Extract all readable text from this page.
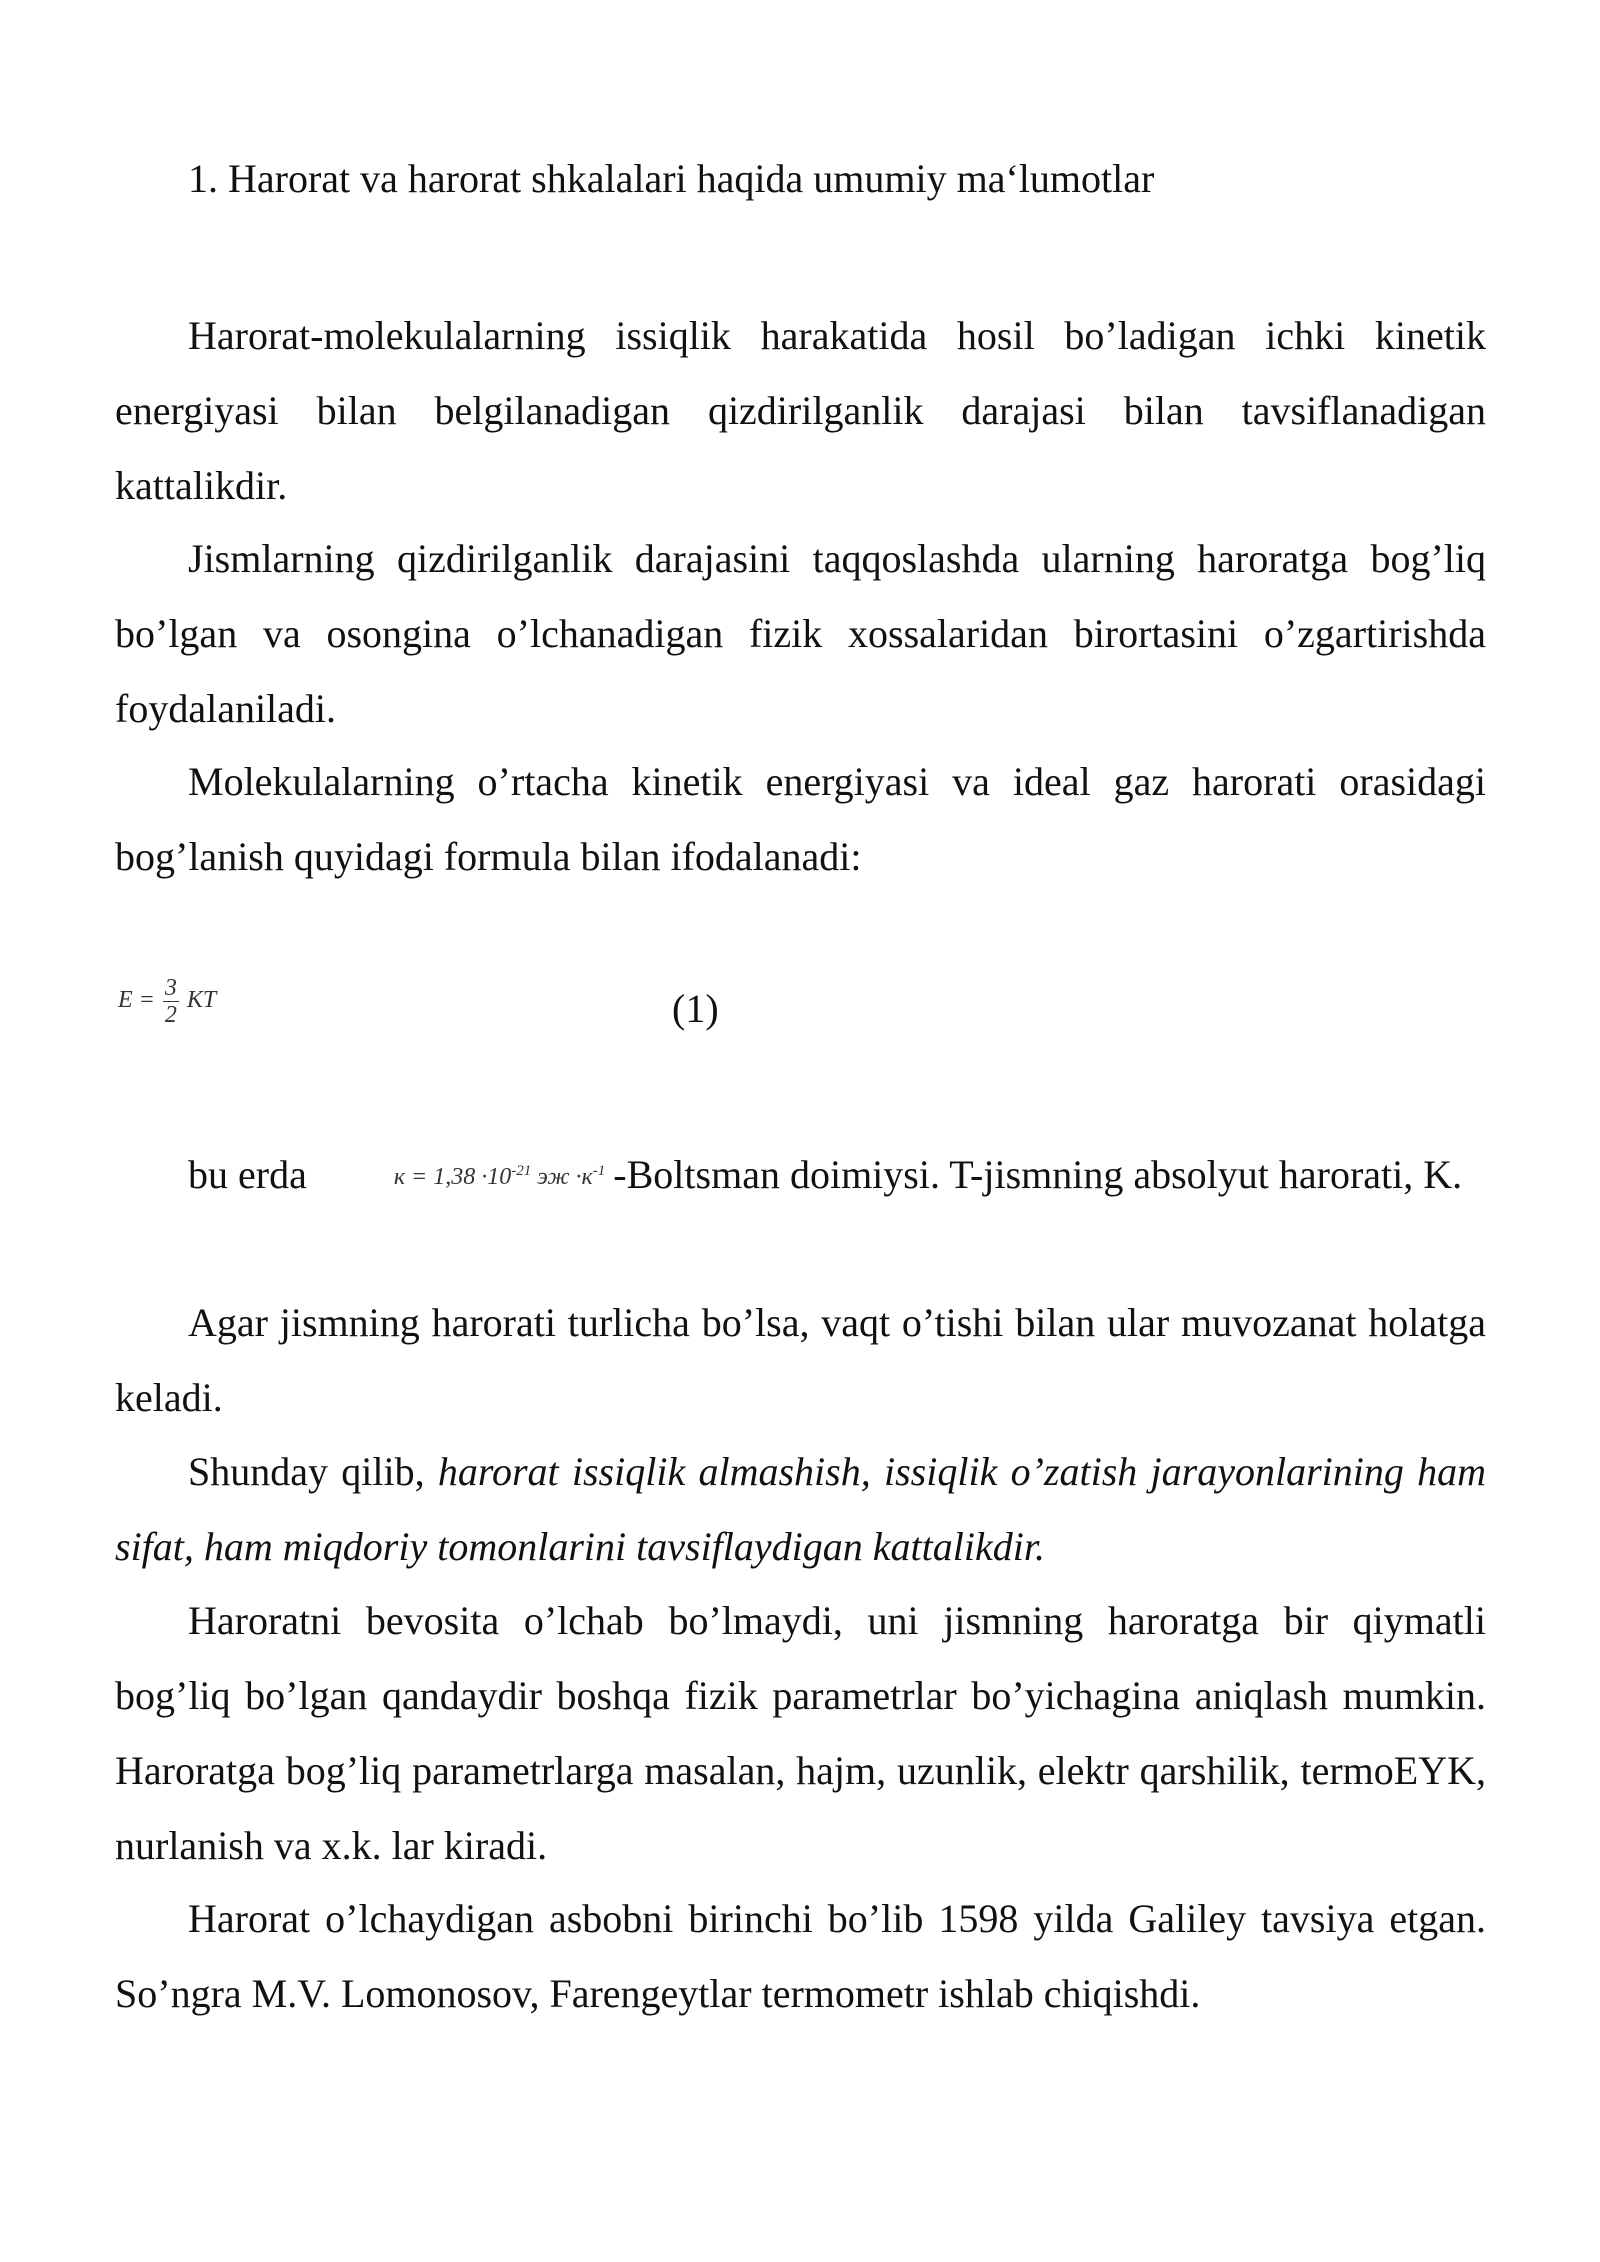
1. Harorat va harorat shkalalari haqida umumiy ma‘lumotlar

Harorat-molekulalarning issiqlik harakatida hosil bo’ladigan ichki kinetik energiyasi bilan belgilanadigan qizdirilganlik darajasi bilan tavsiflanadigan kattalikdir.

Jismlarning qizdirilganlik darajasini taqqoslashda ularning haroratga bog’liq bo’lgan va osongina o’lchanadigan fizik xossalaridan birortasini o’zgartirishda foydalaniladi.

Molekulalarning o’rtacha kinetik energiyasi va ideal gaz harorati orasidagi bog’lanish quyidagi formula bilan ifodalanadi:

$E = \frac{3}{2}$ KT	(1)

bu erda	$к = 1,38 \cdot 10^{-21}$ эж $\cdot к^{-1}$ -Boltsman doimiysi. T-jismning absolyut harorati, K.

Agar jismning harorati turlicha bo’lsa, vaqt o’tishi bilan ular muvozanat holatga keladi.

Shunday qilib, harorat issiqlik almashish, issiqlik o’zatish jarayonlarining ham sifat, ham miqdoriy tomonlarini tavsiflaydigan kattalikdir.

Haroratni bevosita o’lchab bo’lmaydi, uni jismning haroratga bir qiymatli bog’liq bo’lgan qandaydir boshqa fizik parametrlar bo’yichagina aniqlash mumkin. Haroratga bog’liq parametrlarga masalan, hajm, uzunlik, elektr qarshilik, termoEYK, nurlanish va x.k. lar kiradi.

Harorat o’lchaydigan asbobni birinchi bo’lib 1598 yilda Galiley tavsiya etgan. So’ngra M.V. Lomonosov, Farengeytlar termometr ishlab chiqishdi.
